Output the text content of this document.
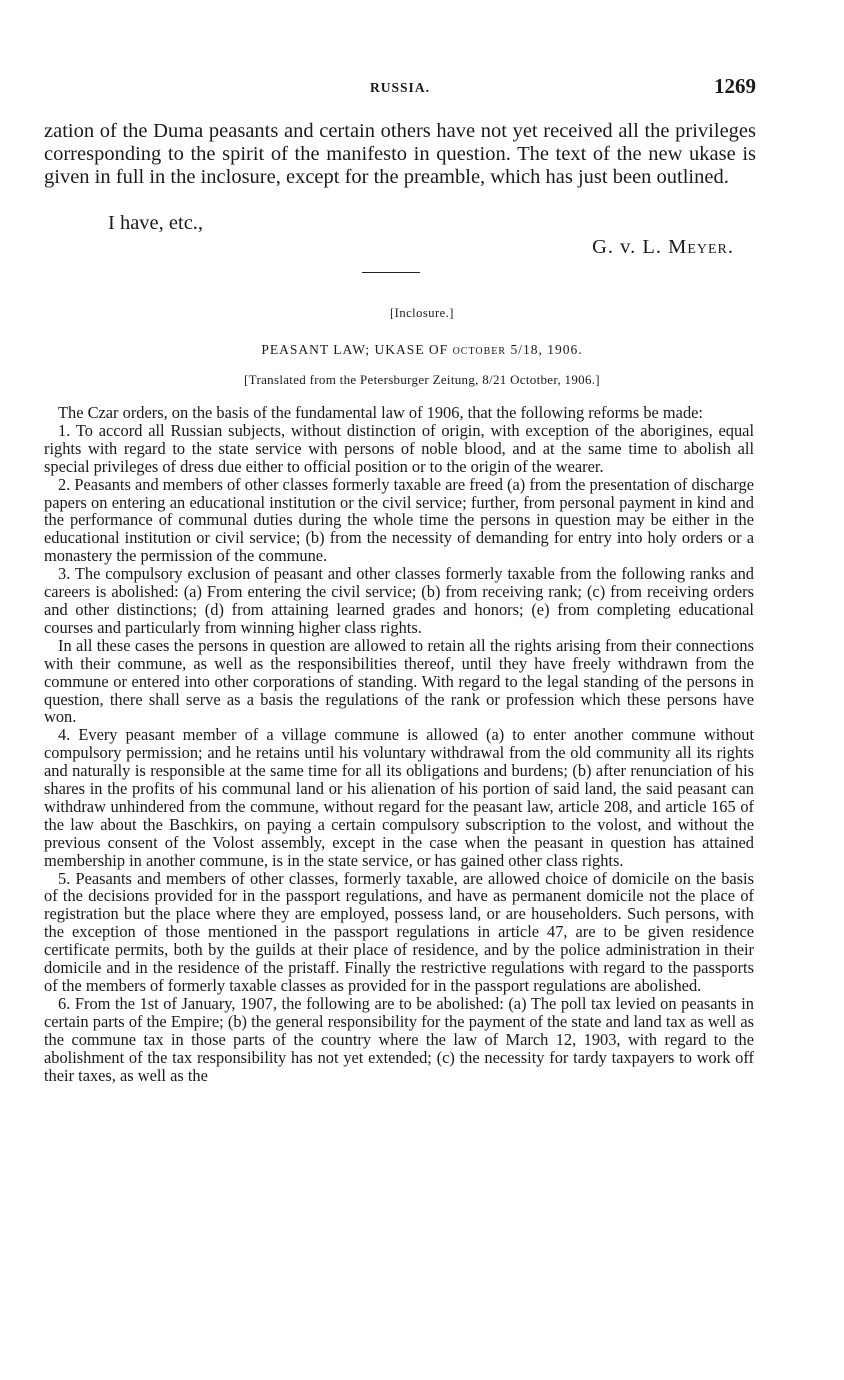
RUSSIA.	1269

zation of the Duma peasants and certain others have not yet received all the privileges corresponding to the spirit of the manifesto in question. The text of the new ukase is given in full in the inclosure, except for the preamble, which has just been outlined.

I have, etc.,
G. v. L. Meyer.
[Inclosure.]
PEASANT LAW; UKASE OF october 5/18, 1906.
[Translated from the Petersburger Zeitung, 8/21 Octotber, 1906.]

The Czar orders, on the basis of the fundamental law of 1906, that the following reforms be made:

1. To accord all Russian subjects, without distinction of origin, with exception of the aborigines, equal rights with regard to the state service with persons of noble blood, and at the same time to abolish all special privileges of dress due either to official position or to the origin of the wearer.

2. Peasants and members of other classes formerly taxable are freed (a) from the presentation of discharge papers on entering an educational institution or the civil service; further, from personal payment in kind and the performance of communal duties during the whole time the persons in question may be either in the educational institution or civil service; (b) from the necessity of demanding for entry into holy orders or a monastery the permission of the commune.

3. The compulsory exclusion of peasant and other classes formerly taxable from the following ranks and careers is abolished: (a) From entering the civil service; (b) from receiving rank; (c) from receiving orders and other distinctions; (d) from attaining learned grades and honors; (e) from completing educational courses and particularly from winning higher class rights.

In all these cases the persons in question are allowed to retain all the rights arising from their connections with their commune, as well as the responsibilities thereof, until they have freely withdrawn from the commune or entered into other corporations of standing. With regard to the legal standing of the persons in question, there shall serve as a basis the regulations of the rank or profession which these persons have won.

4. Every peasant member of a village commune is allowed (a) to enter another commune without compulsory permission; and he retains until his voluntary withdrawal from the old community all its rights and naturally is responsible at the same time for all its obligations and burdens; (b) after renunciation of his shares in the profits of his communal land or his alienation of his portion of said land, the said peasant can withdraw unhindered from the commune, without regard for the peasant law, article 208, and article 165 of the law about the Baschkirs, on paying a certain compulsory subscription to the volost, and without the previous consent of the Volost assembly, except in the case when the peasant in question has attained membership in another commune, is in the state service, or has gained other class rights.

5. Peasants and members of other classes, formerly taxable, are allowed choice of domicile on the basis of the decisions provided for in the passport regulations, and have as permanent domicile not the place of registration but the place where they are employed, possess land, or are householders. Such persons, with the exception of those mentioned in the passport regulations in article 47, are to be given residence certificate permits, both by the guilds at their place of residence, and by the police administration in their domicile and in the residence of the pristaff. Finally the restrictive regulations with regard to the passports of the members of formerly taxable classes as provided for in the passport regulations are abolished.

6. From the 1st of January, 1907, the following are to be abolished: (a) The poll tax levied on peasants in certain parts of the Empire; (b) the general responsibility for the payment of the state and land tax as well as the commune tax in those parts of the country where the law of March 12, 1903, with regard to the abolishment of the tax responsibility has not yet extended; (c) the necessity for tardy taxpayers to work off their taxes, as well as the
